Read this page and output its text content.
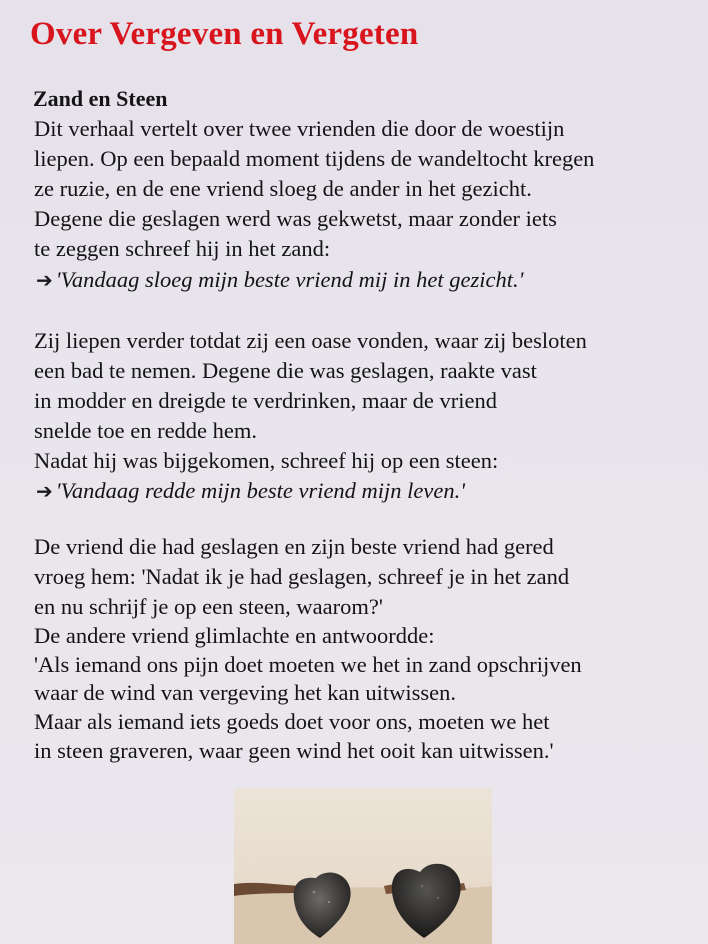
Over Vergeven en Vergeten
Zand en Steen
Dit verhaal vertelt over twee vrienden die door de woestijn
liepen. Op een bepaald moment tijdens de wandeltocht kregen
ze ruzie, en de ene vriend sloeg de ander in het gezicht.
Degene die geslagen werd was gekwetst, maar zonder iets
te zeggen schreef hij in het zand:
➔ 'Vandaag sloeg mijn beste vriend mij in het gezicht.'
Zij liepen verder totdat zij een oase vonden, waar zij besloten
een bad te nemen. Degene die was geslagen, raakte vast
in modder en dreigde te verdrinken, maar de vriend
snelde toe en redde hem.
Nadat hij was bijgekomen, schreef hij op een steen:
➔ 'Vandaag redde mijn beste vriend mijn leven.'
De vriend die had geslagen en zijn beste vriend had gered
vroeg hem: 'Nadat ik je had geslagen, schreef je in het zand
en nu schrijf je op een steen, waarom?'
De andere vriend glimlachte en antwoordde:
'Als iemand ons pijn doet moeten we het in zand opschrijven
waar de wind van vergeving het kan uitwissen.
Maar als iemand iets goeds doet voor ons, moeten we het
in steen graveren, waar geen wind het ooit kan uitwissen.'
